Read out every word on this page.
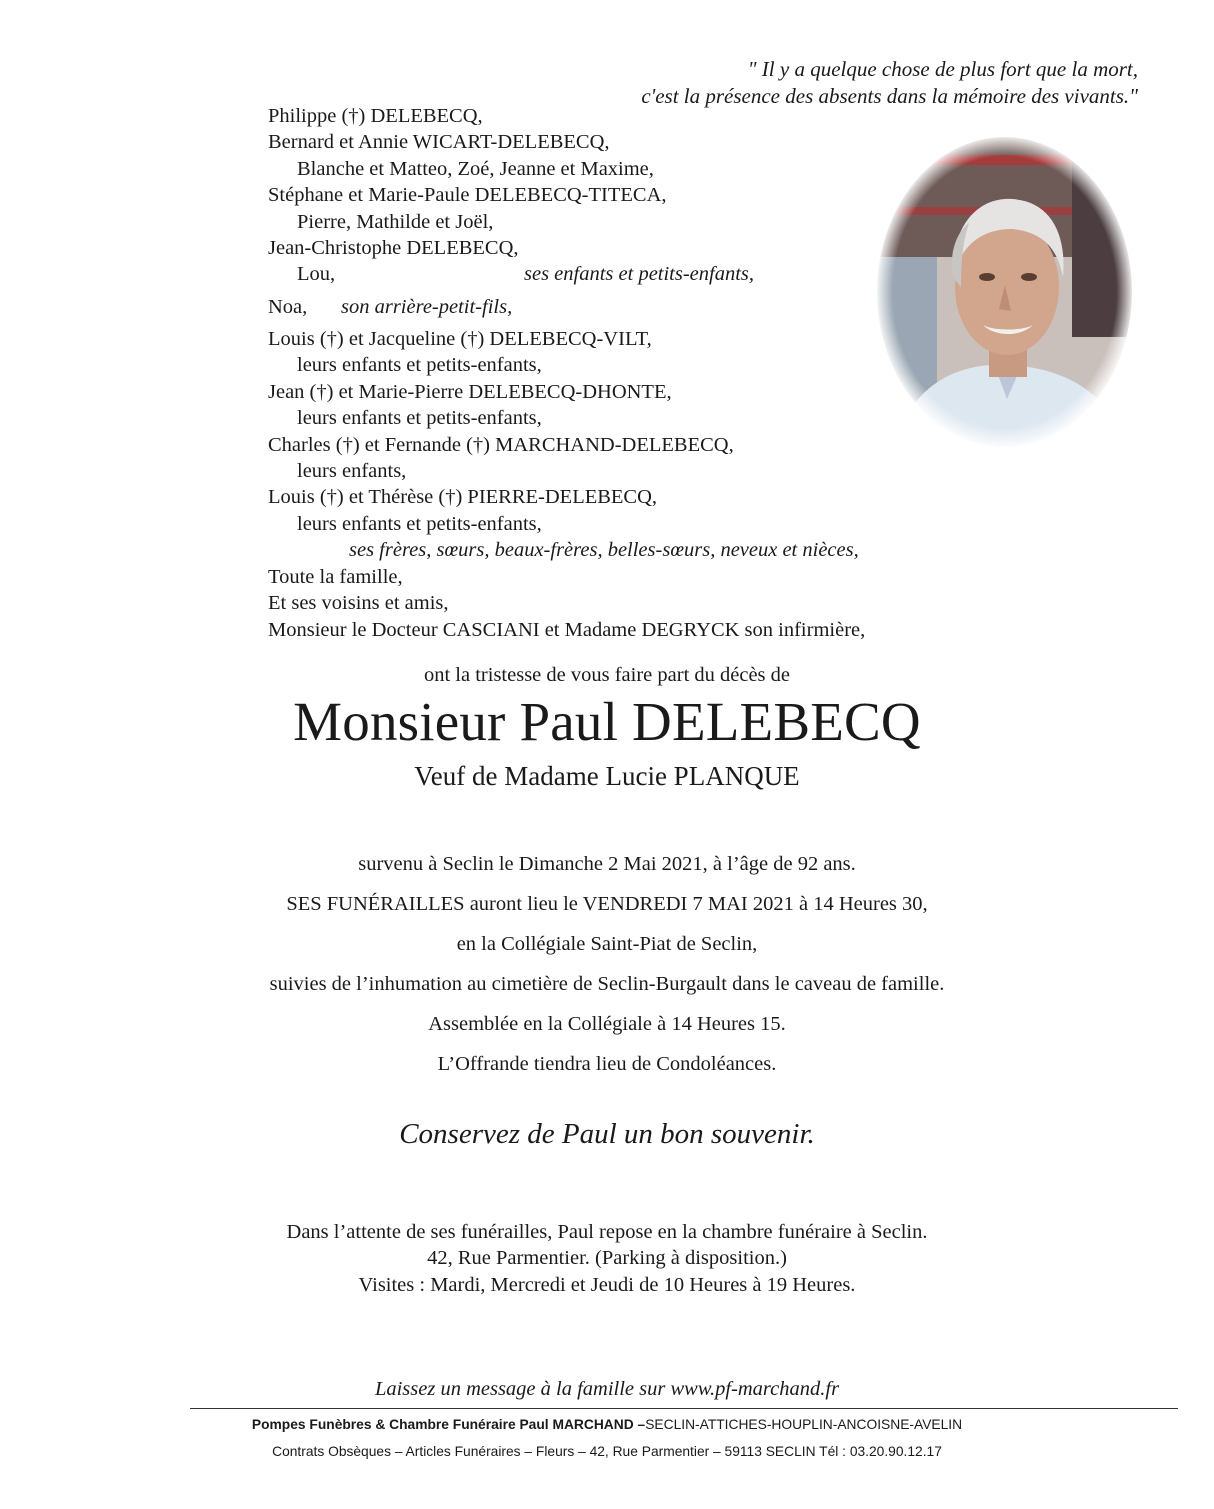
" Il y a quelque chose de plus fort que la mort,
c'est la présence des absents dans la mémoire des vivants."
Philippe (†) DELEBECQ,
Bernard et Annie WICART-DELEBECQ,
Blanche et Matteo, Zoé, Jeanne et Maxime,
Stéphane et Marie-Paule DELEBECQ-TITECA,
Pierre, Mathilde et Joël,
Jean-Christophe DELEBECQ,
Lou,	ses enfants et petits-enfants,
Noa, son arrière-petit-fils,
Louis (†) et Jacqueline (†) DELEBECQ-VILT,
leurs enfants et petits-enfants,
Jean (†) et Marie-Pierre DELEBECQ-DHONTE,
leurs enfants et petits-enfants,
Charles (†) et Fernande (†) MARCHAND-DELEBECQ,
leurs enfants,
Louis (†) et Thérèse (†) PIERRE-DELEBECQ,
leurs enfants et petits-enfants,
ses frères, sœurs, beaux-frères, belles-sœurs, neveux et nièces,
Toute la famille,
Et ses voisins et amis,
Monsieur le Docteur CASCIANI et Madame DEGRYCK son infirmière,
ont la tristesse de vous faire part du décès de
Monsieur Paul DELEBECQ
Veuf de Madame Lucie PLANQUE
survenu à Seclin le Dimanche 2 Mai 2021, à l’âge de 92 ans.
SES FUNÉRAILLES auront lieu le VENDREDI 7 MAI 2021 à 14 Heures 30,
en la Collégiale Saint-Piat de Seclin,
suivies de l’inhumation au cimetière de Seclin-Burgault dans le caveau de famille.
Assemblée en la Collégiale à 14 Heures 15.
L’Offrande tiendra lieu de Condoléances.
Conservez de Paul un bon souvenir.
Dans l’attente de ses funérailles, Paul repose en la chambre funéraire à Seclin.
42, Rue Parmentier. (Parking à disposition.)
Visites : Mardi, Mercredi et Jeudi de 10 Heures à 19 Heures.
Laissez un message à la famille sur www.pf-marchand.fr
Pompes Funèbres & Chambre Funéraire Paul MARCHAND –SECLIN-ATTICHES-HOUPLIN-ANCOISNE-AVELIN
Contrats Obsèques – Articles Funéraires – Fleurs – 42, Rue Parmentier – 59113 SECLIN Tél : 03.20.90.12.17
